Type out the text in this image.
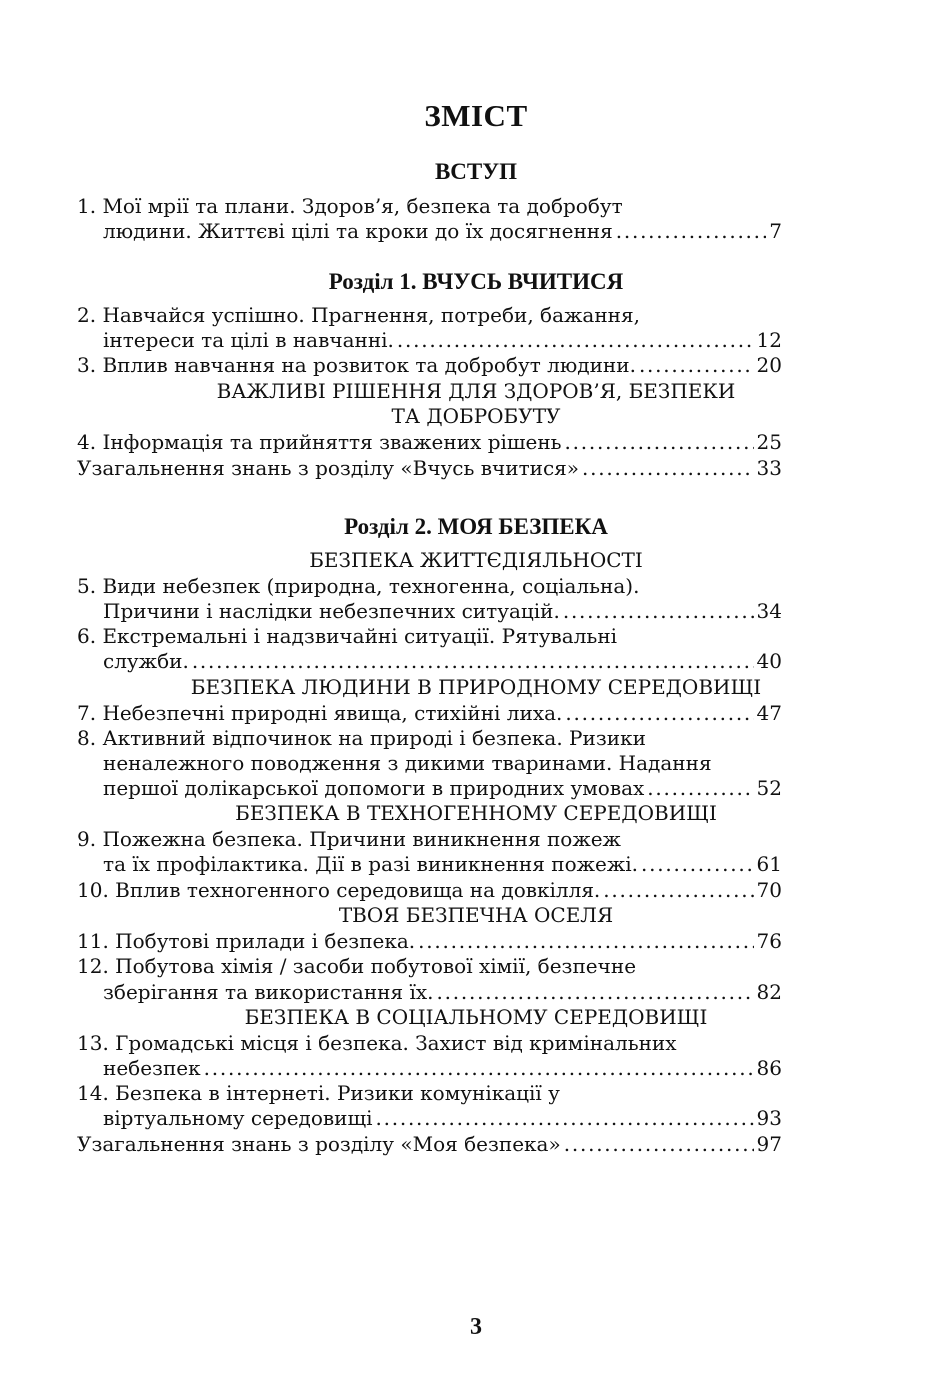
ЗМІСТ
ВСТУП
1. Мої мрії та плани. Здоров’я, безпека та добробут
людини. Життєві цілі та кроки до їх досягнення . . .	7
Розділ 1. ВЧУСЬ ВЧИТИСЯ
2. Навчайся успішно. Прагнення, потреби, бажання,
інтереси та цілі в навчанні. . . .	12
3. Вплив навчання на розвиток та добробут людини. . . .	20
ВАЖЛИВІ РІШЕННЯ ДЛЯ ЗДОРОВ’Я, БЕЗПЕКИ
ТА ДОБРОБУТУ
4. Інформація та прийняття зважених рішень . . .	25
Узагальнення знань з розділу «Вчусь вчитися» . . .	33
Розділ 2. МОЯ БЕЗПЕКА
БЕЗПЕКА ЖИТТЄДІЯЛЬНОСТІ
5. Види небезпек (природна, техногенна, соціальна).
Причини і наслідки небезпечних ситуацій. . . .	34
6. Екстремальні і надзвичайні ситуації. Рятувальні
служби. . . .	40
БЕЗПЕКА ЛЮДИНИ В ПРИРОДНОМУ СЕРЕДОВИЩІ
7. Небезпечні природні явища, стихійні лиха. . . .	47
8. Активний відпочинок на природі і безпека. Ризики
неналежного поводження з дикими тваринами. Надання
першої долікарської допомоги в природних умовах . . .	52
БЕЗПЕКА В ТЕХНОГЕННОМУ СЕРЕДОВИЩІ
9. Пожежна безпека. Причини виникнення пожеж
та їх профілактика. Дії в разі виникнення пожежі. . . .	61
10. Вплив техногенного середовища на довкілля. . . .	70
ТВОЯ БЕЗПЕЧНА ОСЕЛЯ
11. Побутові прилади і безпека. . . .	76
12. Побутова хімія / засоби побутової хімії, безпечне
зберігання та використання їх. . . .	82
БЕЗПЕКА В СОЦІАЛЬНОМУ СЕРЕДОВИЩІ
13. Громадські місця і безпека. Захист від кримінальних
небезпек . . .	86
14. Безпека в інтернеті. Ризики комунікації у
віртуальному середовищі . . .	93
Узагальнення знань з розділу «Моя безпека» . . .	97
3
